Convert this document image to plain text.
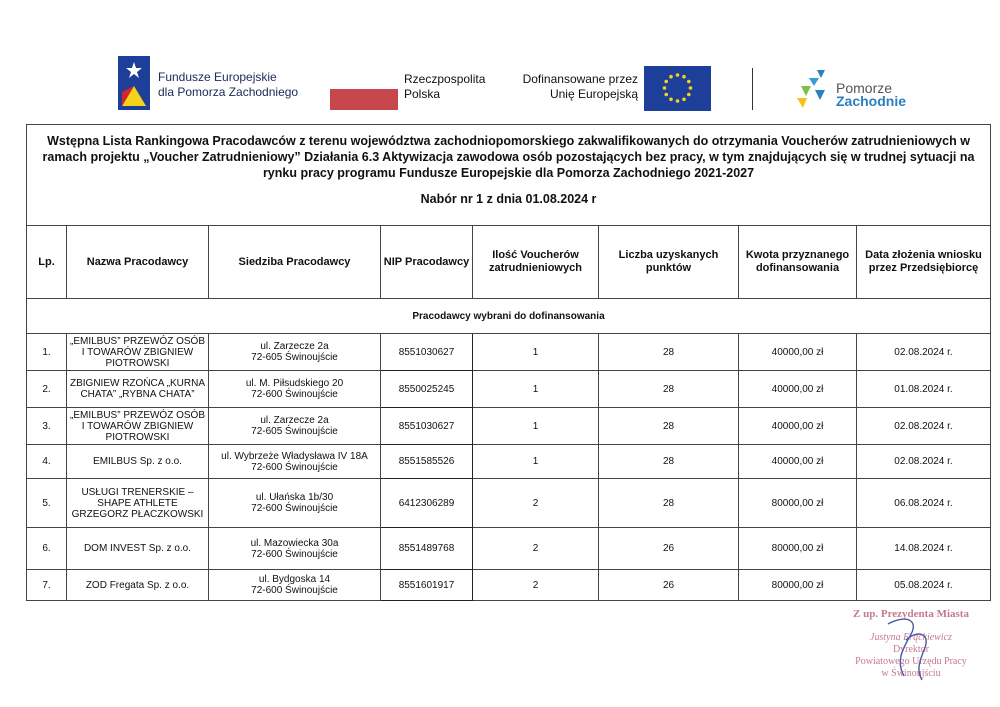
Fundusze Europejskie
dla Pomorza Zachodniego
Rzeczpospolita
Polska
Dofinansowane przez
Unię Europejską	Pomorze
Zachodnie
Wstępna Lista Rankingowa Pracodawców z terenu województwa zachodniopomorskiego zakwalifikowanych do otrzymania Voucherów zatrudnieniowych w ramach projektu „Voucher Zatrudnieniowy” Działania 6.3 Aktywizacja zawodowa osób pozostających bez pracy, w tym znajdujących się w trudnej sytuacji na rynku pracy programu Fundusze Europejskie dla Pomorza Zachodniego 2021-2027
Nabór nr 1 z dnia 01.08.2024 r							

Lp.	Nazwa Pracodawcy	Siedziba Pracodawcy	NIP Pracodawcy	Ilość Voucherów zatrudnieniowych	Liczba uzyskanych punktów	Kwota przyznanego dofinansowania	Data złożenia wniosku przez Przedsiębiorcę
Pracodawcy wybrani do dofinansowania							
1.	„EMILBUS” PRZEWÓZ OSÓB I TOWARÓW ZBIGNIEW PIOTROWSKI	ul. Zarzecze 2a
72-605 Świnoujście	8551030627	1	28	40000,00 zł	02.08.2024 r.
2.	ZBIGNIEW RZOŃCA „KURNA CHATA” „RYBNA CHATA”	ul. M. Piłsudskiego 20
72-600 Świnoujście	8550025245	1	28	40000,00 zł	01.08.2024 r.
3.	„EMILBUS” PRZEWÓZ OSÓB I TOWARÓW ZBIGNIEW PIOTROWSKI	ul. Zarzecze 2a
72-605 Świnoujście	8551030627	1	28	40000,00 zł	02.08.2024 r.
4.	EMILBUS Sp. z o.o.	ul. Wybrzeże Władysława IV 18A
72-600 Świnoujście	8551585526	1	28	40000,00 zł	02.08.2024 r.
5.	USŁUGI TRENERSKIE – SHAPE ATHLETE GRZEGORZ PŁACZKOWSKI	ul. Ułańska 1b/30
72-600 Świnoujście	6412306289	2	28	80000,00 zł	06.08.2024 r.
6.	DOM INVEST Sp. z o.o.	ul. Mazowiecka 30a
72-600 Świnoujście	8551489768	2	26	80000,00 zł	14.08.2024 r.
7.	ZOD Fregata Sp. z o.o.	ul. Bydgoska 14
72-600 Świnoujście	8551601917	2	26	80000,00 zł	05.08.2024 r.
Z up. Prezydenta Miasta
Justyna Frąckiewicz
Dyrektor
Powiatowego Urzędu Pracy
w Świnoujściu
